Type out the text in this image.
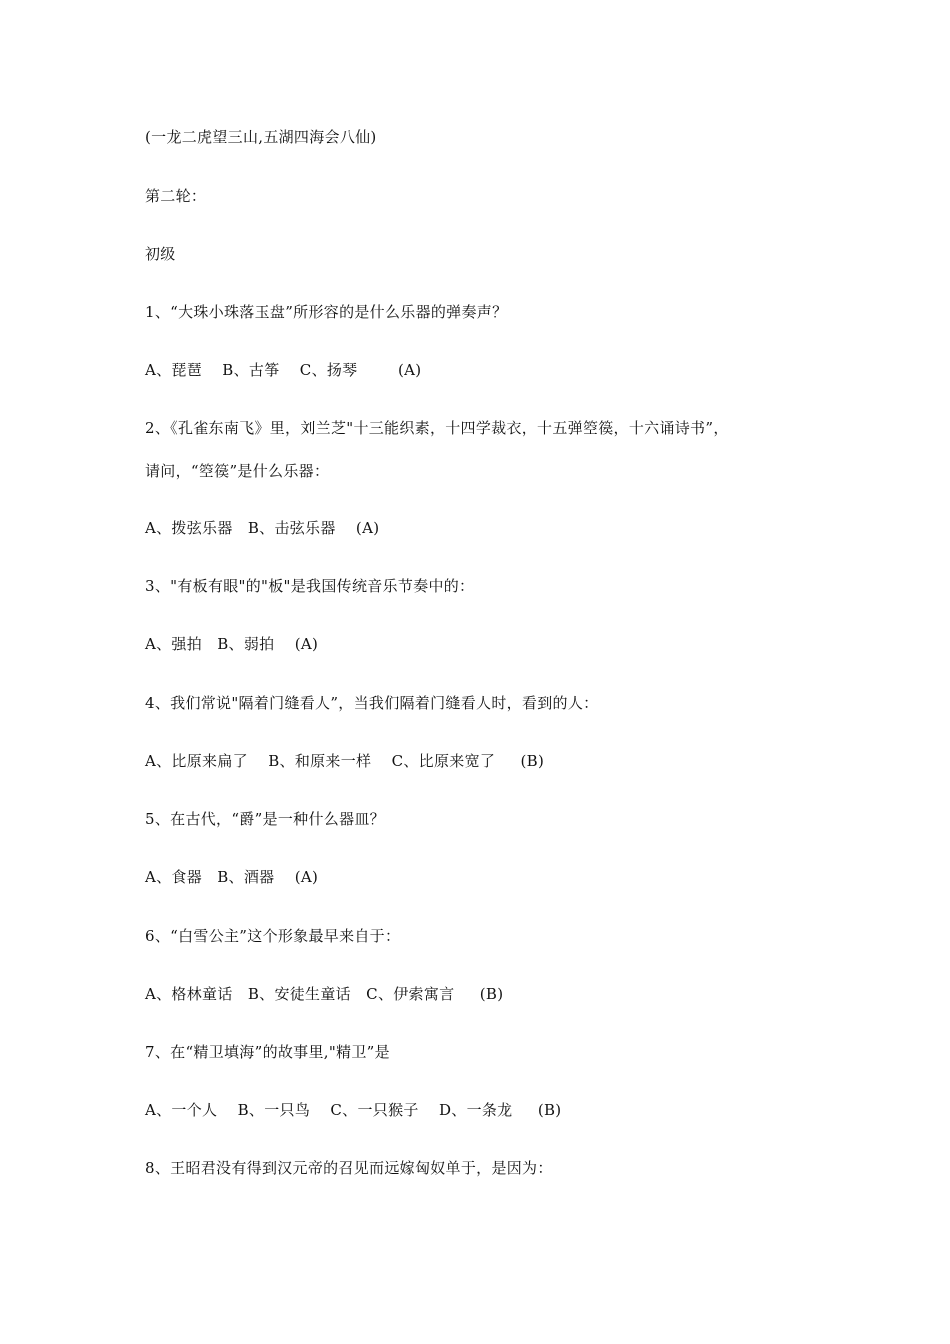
(一龙二虎望三山,五湖四海会八仙)
第二轮：
初级
1、“大珠小珠落玉盘”所形容的是什么乐器的弹奏声？
A、琵琶    B、古筝    C、扬琴        (A)
2、《孔雀东南飞》里，刘兰芝"十三能织素，十四学裁衣，十五弹箜篌，十六诵诗书”，
请问，“箜篌”是什么乐器：
A、拨弦乐器   B、击弦乐器    (A)
3、"有板有眼"的"板"是我国传统音乐节奏中的：
A、强拍   B、弱拍    (A)
4、我们常说"隔着门缝看人”，当我们隔着门缝看人时，看到的人：
A、比原来扁了    B、和原来一样    C、比原来宽了     (B)
5、在古代，“爵”是一种什么器皿？
A、食器   B、酒器    (A)
6、“白雪公主”这个形象最早来自于：
A、格林童话   B、安徒生童话   C、伊索寓言     (B)
7、在“精卫填海”的故事里,"精卫”是
A、一个人    B、一只鸟    C、一只猴子    D、一条龙     (B)
8、王昭君没有得到汉元帝的召见而远嫁匈奴单于，是因为：
